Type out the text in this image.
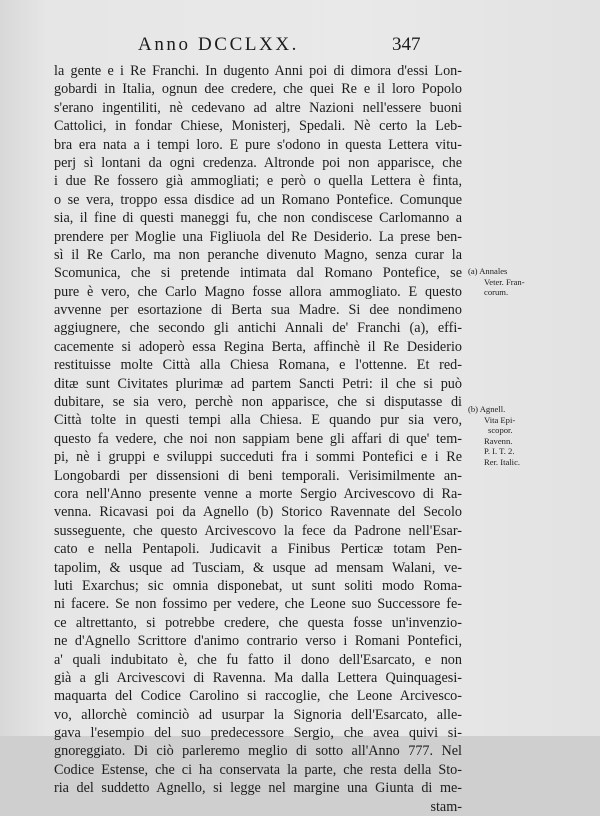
Anno DCCLXX.	347
la gente e i Re Franchi. In dugento Anni poi di dimora d'essi Lon-
gobardi in Italia, ognun dee credere, che quei Re e il loro Popolo
s'erano ingentiliti, nè cedevano ad altre Nazioni nell'essere buoni
Cattolici, in fondar Chiese, Monisterj, Spedali. Nè certo la Leb-
bra era nata a i tempi loro. E pure s'odono in questa Lettera vitu-
perj sì lontani da ogni credenza. Altronde poi non apparisce, che
i due Re fossero già ammogliati; e però o quella Lettera è finta,
o se vera, troppo essa disdice ad un Romano Pontefice. Comunque
sia, il fine di questi maneggi fu, che non condiscese Carlomanno a
prendere per Moglie una Figliuola del Re Desiderio. La prese ben-
sì il Re Carlo, ma non peranche divenuto Magno, senza curar la
Scomunica, che si pretende intimata dal Romano Pontefice, se
pure è vero, che Carlo Magno fosse allora ammogliato. E questo
avvenne per esortazione di Berta sua Madre. Si dee nondimeno
aggiugnere, che secondo gli antichi Annali de' Franchi (a), effi-
cacemente si adoperò essa Regina Berta, affinchè il Re Desiderio
restituisse molte Città alla Chiesa Romana, e l'ottenne. Et red-
ditæ sunt Civitates plurimæ ad partem Sancti Petri: il che si può
dubitare, se sia vero, perchè non apparisce, che si disputasse di
Città tolte in questi tempi alla Chiesa. E quando pur sia vero,
questo fa vedere, che noi non sappiam bene gli affari di que' tem-
pi, nè i gruppi e sviluppi succeduti fra i sommi Pontefici e i Re
Longobardi per dissensioni di beni temporali. Verisimilmente an-
cora nell'Anno presente venne a morte Sergio Arcivescovo di Ra-
venna. Ricavasi poi da Agnello (b) Storico Ravennate del Secolo
susseguente, che questo Arcivescovo la fece da Padrone nell'Esar-
cato e nella Pentapoli. Judicavit a Finibus Perticæ totam Pen-
tapolim, & usque ad Tusciam, & usque ad mensam Walani, ve-
luti Exarchus; sic omnia disponebat, ut sunt soliti modo Roma-
ni facere. Se non fossimo per vedere, che Leone suo Successore fe-
ce altrettanto, si potrebbe credere, che questa fosse un'invenzio-
ne d'Agnello Scrittore d'animo contrario verso i Romani Pontefici,
a' quali indubitato è, che fu fatto il dono dell'Esarcato, e non
già a gli Arcivescovi di Ravenna. Ma dalla Lettera Quinquagesi-
maquarta del Codice Carolino si raccoglie, che Leone Arcivesco-
vo, allorchè cominciò ad usurpar la Signoria dell'Esarcato, alle-
gava l'esempio del suo predecessore Sergio, che avea quivi si-
gnoreggiato. Di ciò parleremo meglio di sotto all'Anno 777. Nel
Codice Estense, che ci ha conservata la parte, che resta della Sto-
ria del suddetto Agnello, si legge nel margine una Giunta di me-
stam-
(a) Annales
Veter. Fran-
corum.
(b) Agnell.
Vita Epi-
scopor.
Ravenn.
P. I. T. 2.
Rer. Italic.
